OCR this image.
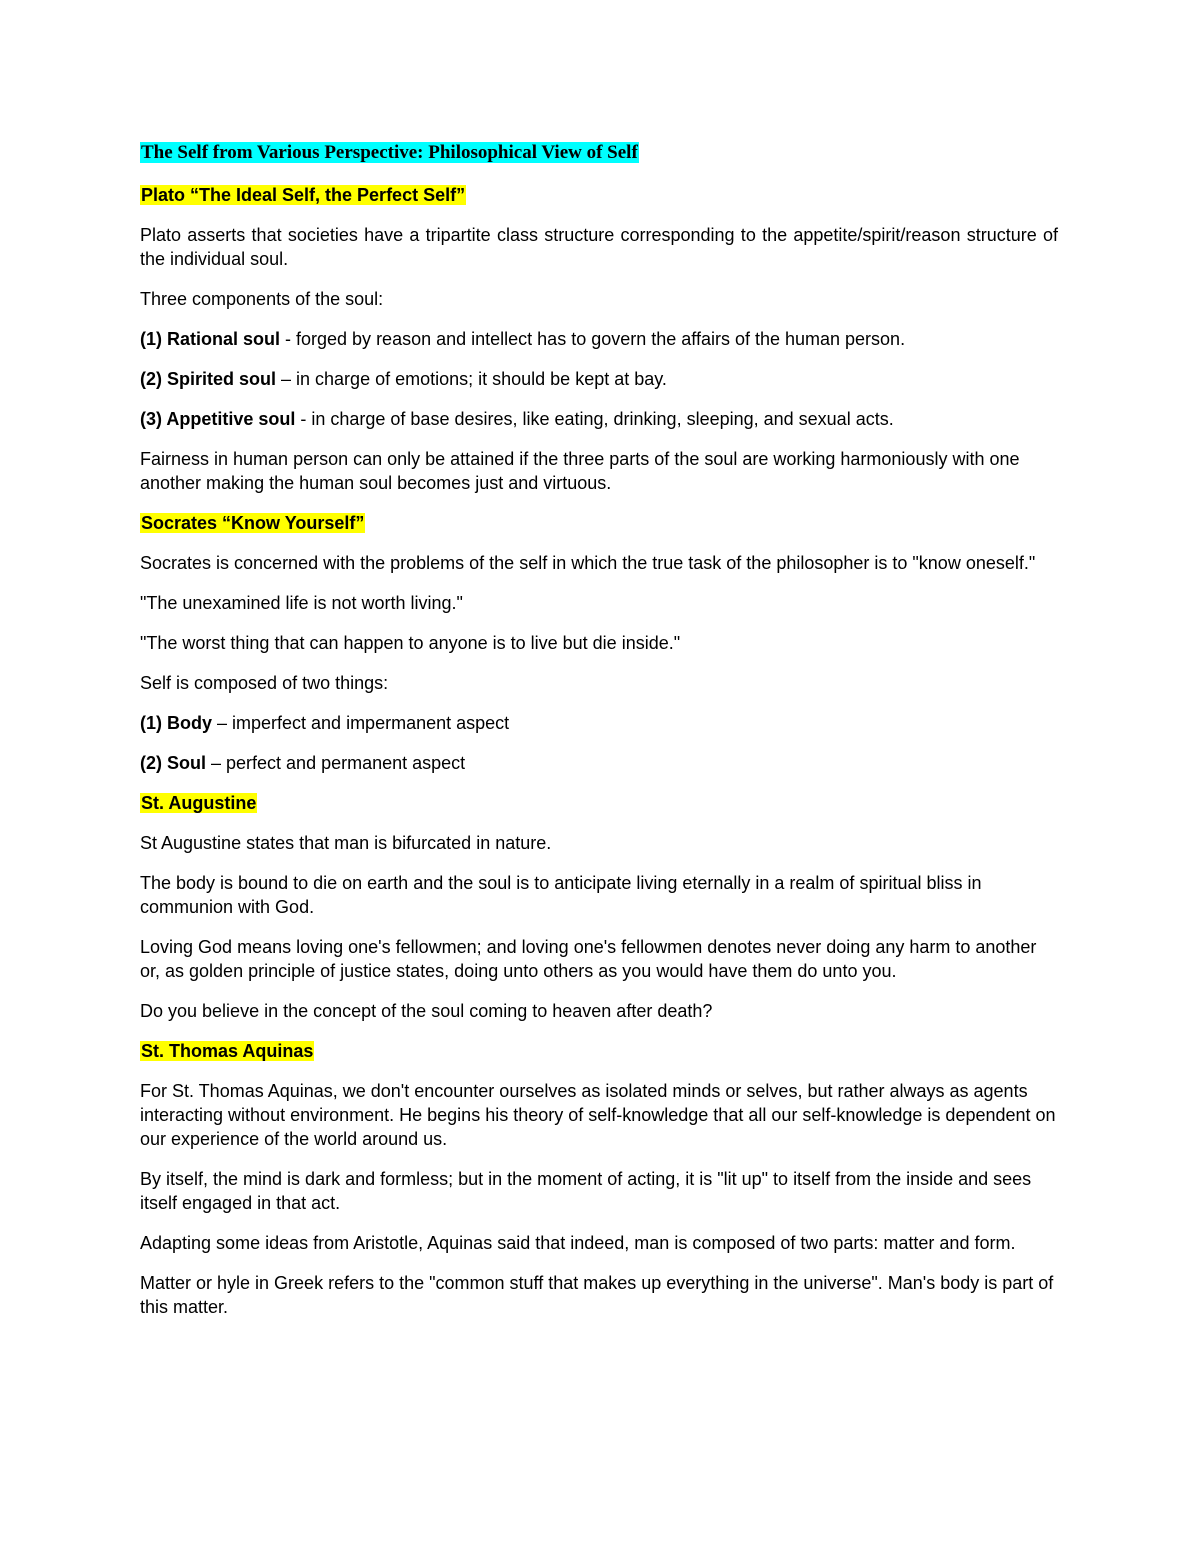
The Self from Various Perspective: Philosophical View of Self
Plato “The Ideal Self, the Perfect Self”

Plato asserts that societies have a tripartite class structure corresponding to the appetite/spirit/reason structure of the individual soul.

Three components of the soul:

(1) Rational soul - forged by reason and intellect has to govern the affairs of the human person.

(2) Spirited soul – in charge of emotions; it should be kept at bay.

(3) Appetitive soul - in charge of base desires, like eating, drinking, sleeping, and sexual acts.

Fairness in human person can only be attained if the three parts of the soul are working harmoniously with one another making the human soul becomes just and virtuous.

Socrates “Know Yourself”

Socrates is concerned with the problems of the self in which the true task of the philosopher is to "know oneself."

"The unexamined life is not worth living."

"The worst thing that can happen to anyone is to live but die inside."

Self is composed of two things:

(1) Body – imperfect and impermanent aspect

(2) Soul – perfect and permanent aspect

St. Augustine

St Augustine states that man is bifurcated in nature.

The body is bound to die on earth and the soul is to anticipate living eternally in a realm of spiritual bliss in communion with God.

Loving God means loving one's fellowmen; and loving one's fellowmen denotes never doing any harm to another or, as golden principle of justice states, doing unto others as you would have them do unto you.

Do you believe in the concept of the soul coming to heaven after death?

St. Thomas Aquinas

For St. Thomas Aquinas, we don't encounter ourselves as isolated minds or selves, but rather always as agents interacting without environment. He begins his theory of self-knowledge that all our self-knowledge is dependent on our experience of the world around us.

By itself, the mind is dark and formless; but in the moment of acting, it is "lit up" to itself from the inside and sees itself engaged in that act.

Adapting some ideas from Aristotle, Aquinas said that indeed, man is composed of two parts: matter and form.

Matter or hyle in Greek refers to the "common stuff that makes up everything in the universe". Man's body is part of this matter.
